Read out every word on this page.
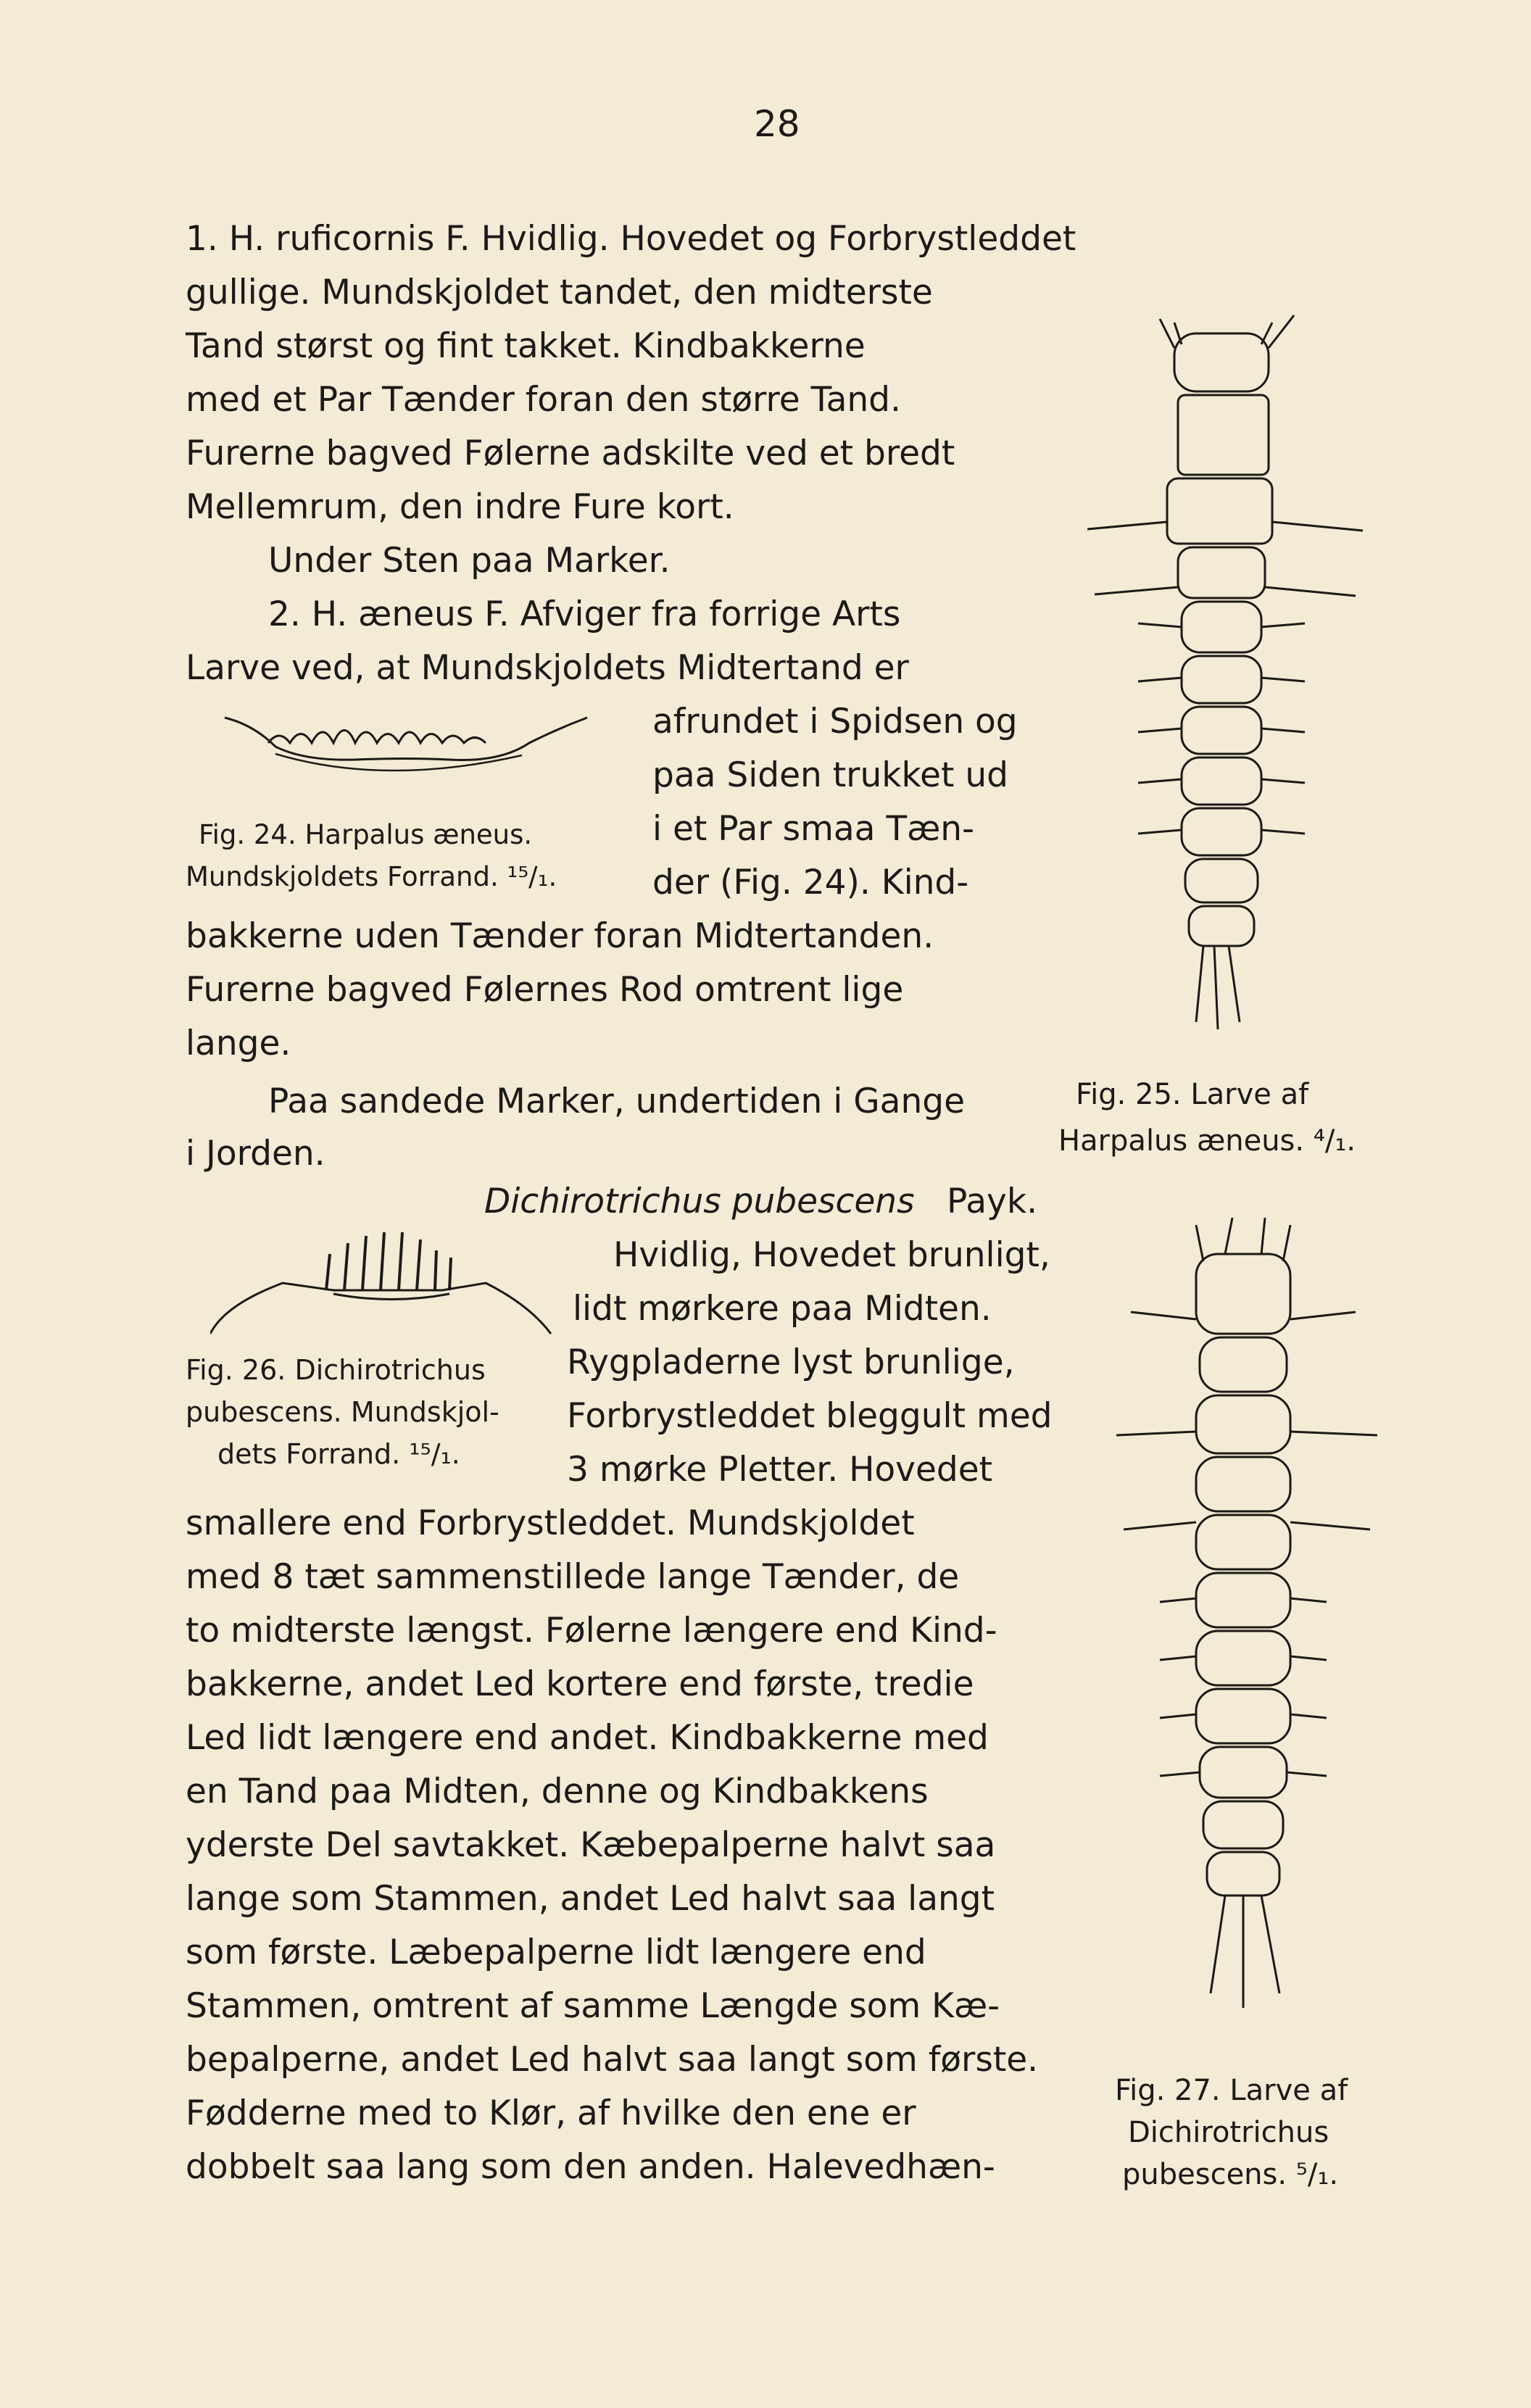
28
1. H. ruficornis F. Hvidlig. Hovedet og Forbrystleddet
gullige. Mundskjoldet tandet, den midterste
Tand størst og fint takket. Kindbakkerne
med et Par Tænder foran den større Tand.
Furerne bagved Følerne adskilte ved et bredt
Mellemrum, den indre Fure kort.
Under Sten paa Marker.
2. H. æneus F. Afviger fra forrige Arts
Larve ved, at Mundskjoldets Midtertand er
afrundet i Spidsen og
paa Siden trukket ud
i et Par smaa Tæn-
der (Fig. 24). Kind-
bakkerne uden Tænder foran Midtertanden.
Furerne bagved Følernes Rod omtrent lige
lange.
Paa sandede Marker, undertiden i Gange
i Jorden.
Fig. 24. Harpalus æneus.
Mundskjoldets Forrand. ¹⁵/₁.
Fig. 25. Larve af
Harpalus æneus. ⁴/₁.
Dichirotrichus pubescens Payk.
Hvidlig, Hovedet brunligt,
lidt mørkere paa Midten.
Fig. 26. Dichirotrichus
pubescens. Mundskjol-
dets Forrand. ¹⁵/₁.
Rygpladerne lyst brunlige,
Forbrystleddet bleggult med
3 mørke Pletter. Hovedet
smallere end Forbrystleddet. Mundskjoldet
med 8 tæt sammenstillede lange Tænder, de
to midterste længst. Følerne længere end Kind-
bakkerne, andet Led kortere end første, tredie
Led lidt længere end andet. Kindbakkerne med
en Tand paa Midten, denne og Kindbakkens
yderste Del savtakket. Kæbepalperne halvt saa
lange som Stammen, andet Led halvt saa langt
som første. Læbepalperne lidt længere end
Stammen, omtrent af samme Længde som Kæ-
bepalperne, andet Led halvt saa langt som første.
Fødderne med to Klør, af hvilke den ene er
dobbelt saa lang som den anden. Halevedhæn-
Fig. 27. Larve af
Dichirotrichus
pubescens. ⁵/₁.
